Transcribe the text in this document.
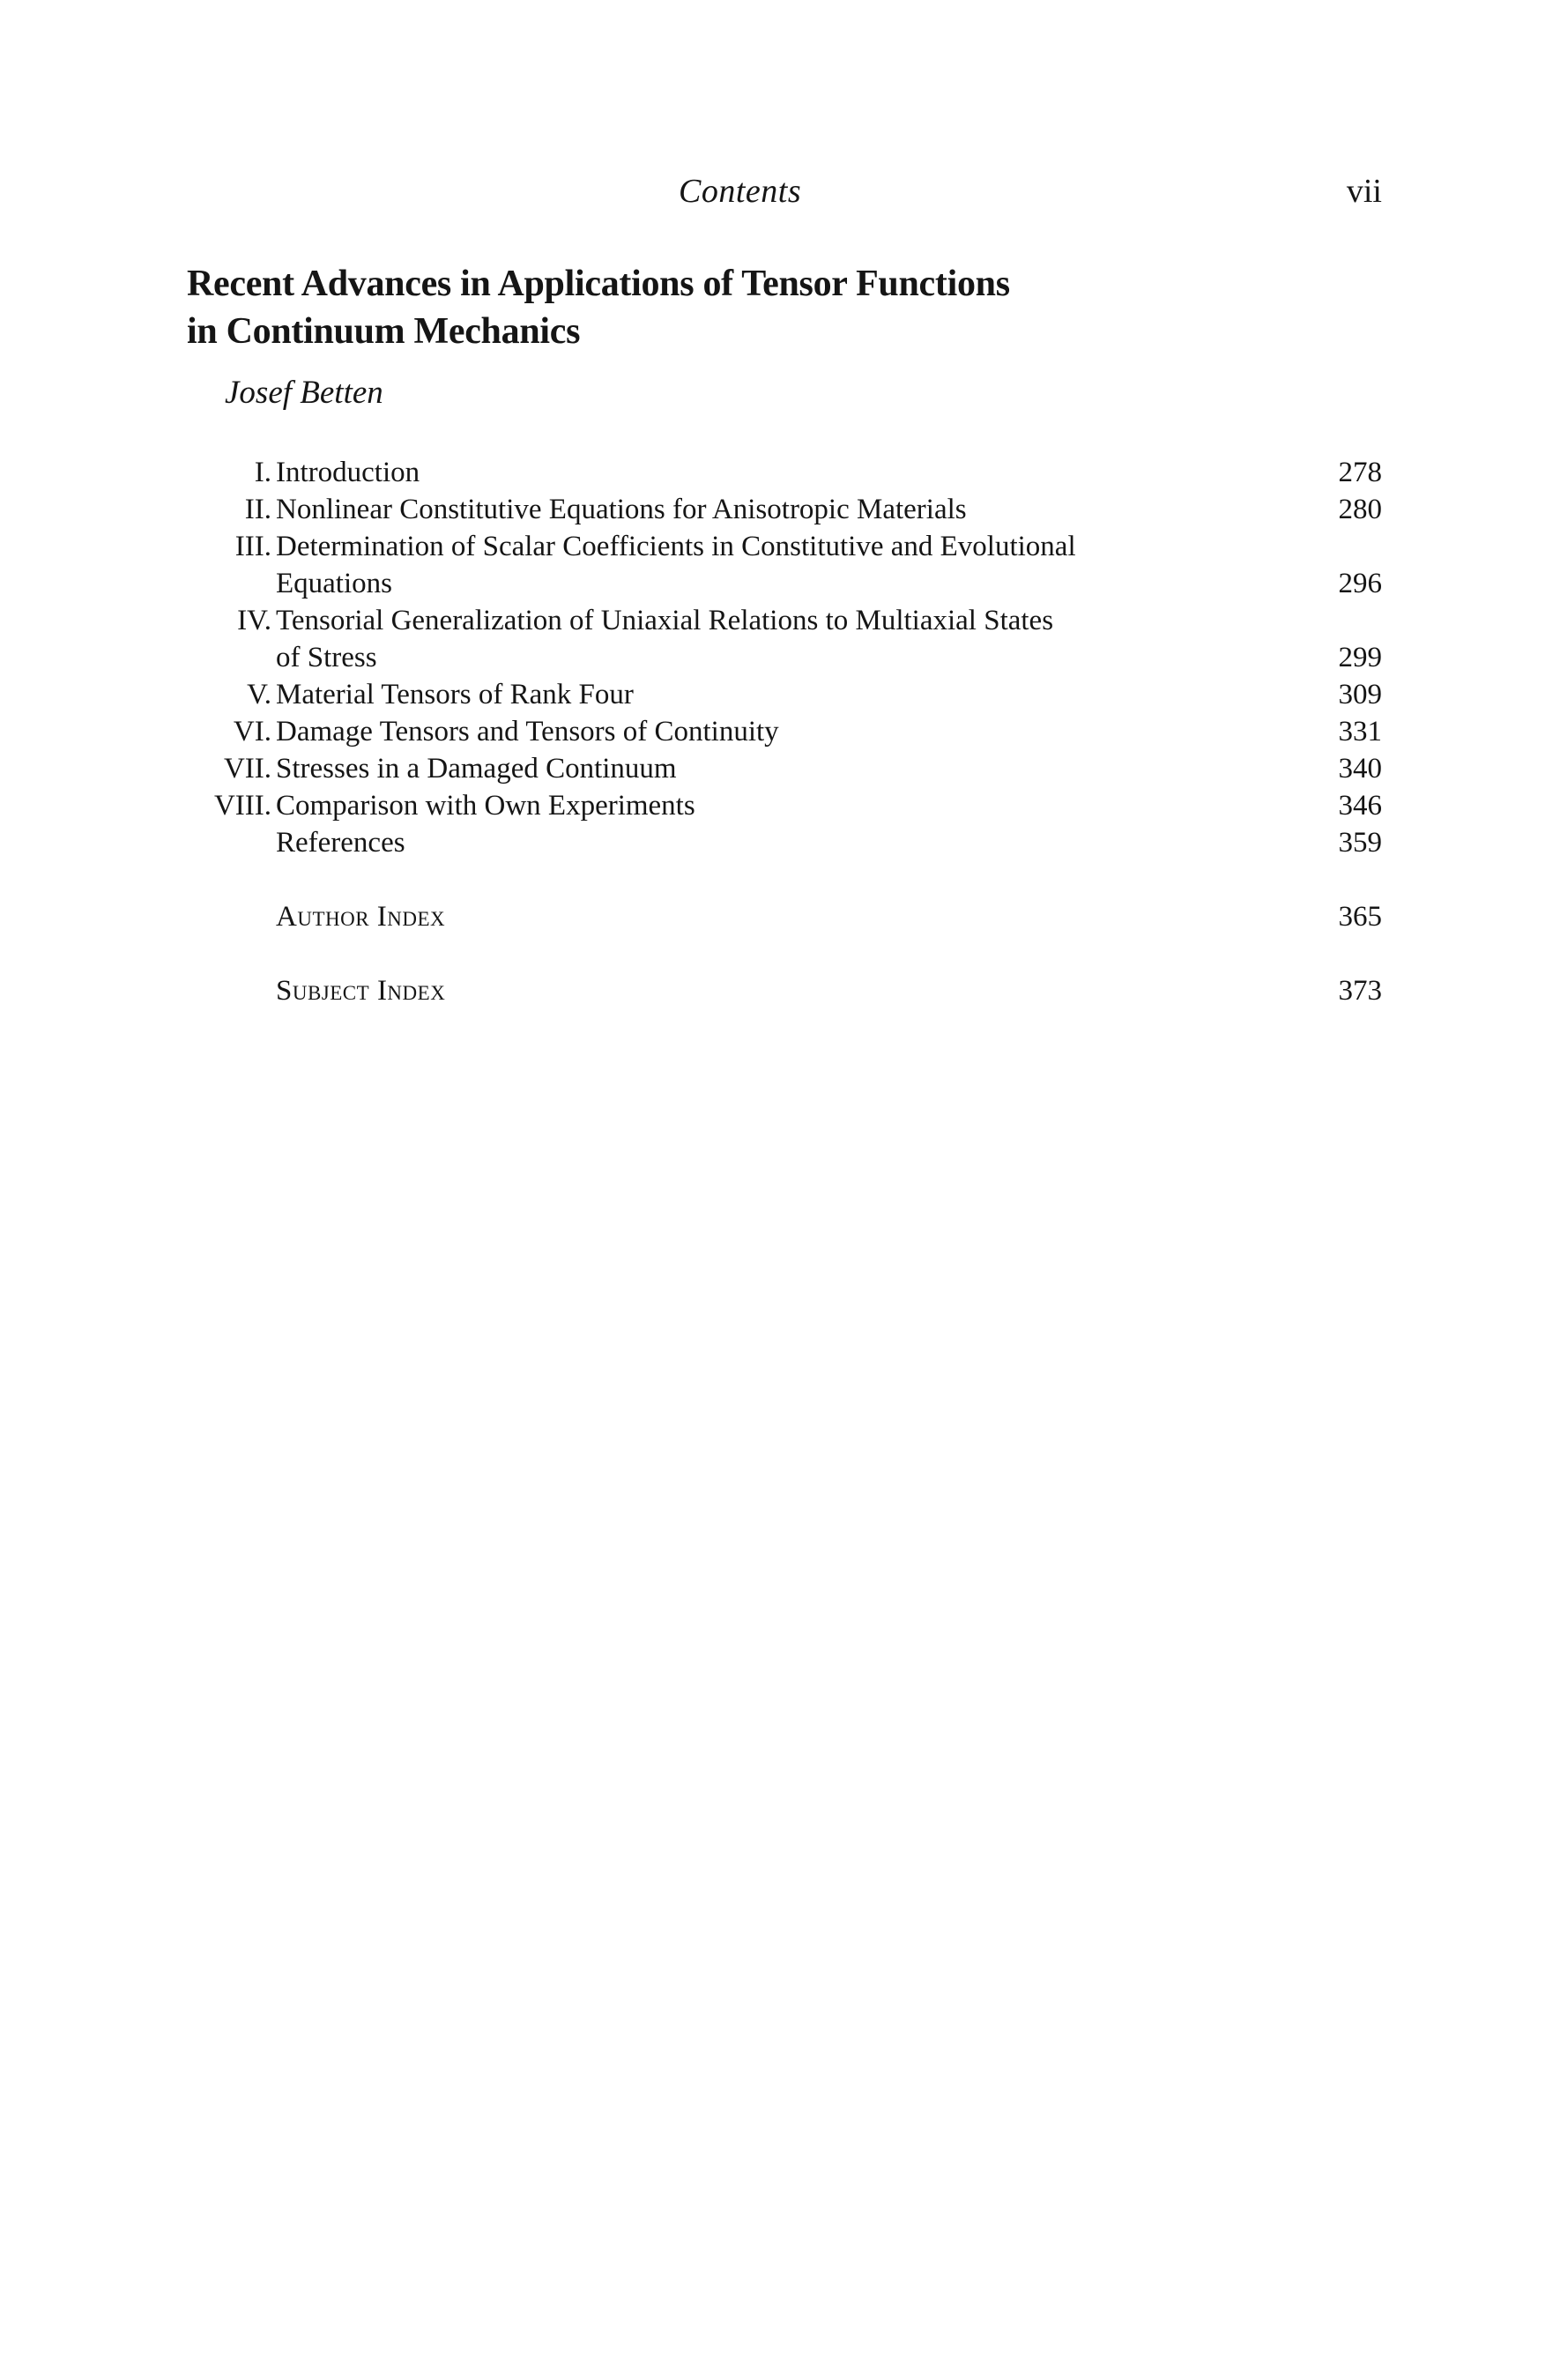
Contents	vii
Recent Advances in Applications of Tensor Functions
in Continuum Mechanics
Josef Betten
I. Introduction	278
II. Nonlinear Constitutive Equations for Anisotropic Materials	280
III. Determination of Scalar Coefficients in Constitutive and Evolutional
Equations	296
IV. Tensorial Generalization of Uniaxial Relations to Multiaxial States
of Stress	299
V. Material Tensors of Rank Four	309
VI. Damage Tensors and Tensors of Continuity	331
VII. Stresses in a Damaged Continuum	340
VIII. Comparison with Own Experiments	346
References	359
Author Index	365
Subject Index	373
